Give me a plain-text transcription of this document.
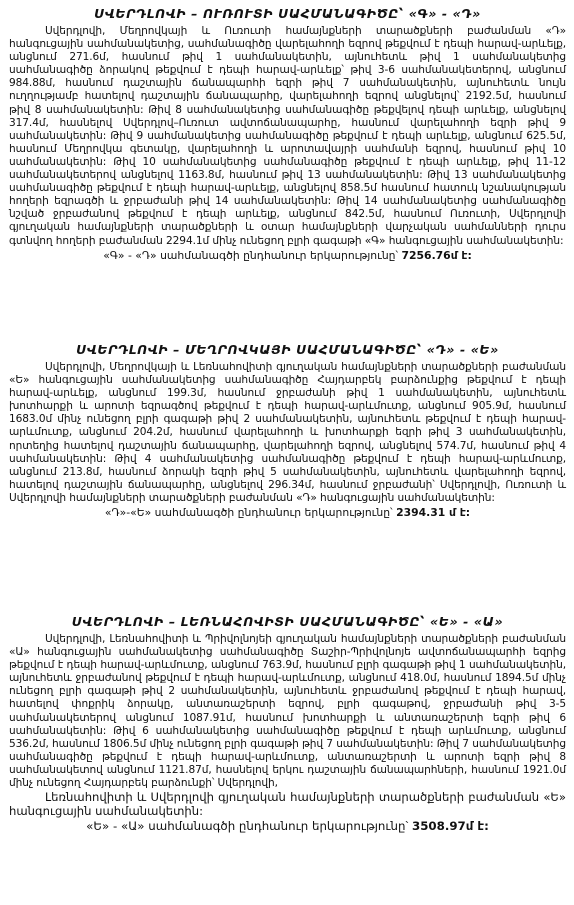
ՍՎԵՐԴԼՈՎԻ – ՈՒՌՈՒՏԻ ՍԱՀՄԱՆԱԳԻԾԸ՝ «Գ» - «Դ»

Սվերդլովի, Մեղրովկայի և Ուռուտի համայնքների տարածքների բաժանման «Դ» հանգուցային սահմանակետից, սահմանագիծը վարելահողի եզրով թեքվում է դեպի հարավ-արևելք, անցնում 271.6մ, հասնում թիվ 1 սահմանակետին, այնուհետև թիվ 1 սահմանակետից սահմանագիծը ձորակով թեքվում է դեպի հարավ-արևելք՝ թիվ 3-6 սահմանակետերով, անցնում 984.88մ, հասնում դաշտային ճանապարհի եզրի թիվ 7 սահմանակետին, այնուհետև նույն ուղղությամբ հատելով դաշտային ճանապարհը, վարելահողի եզրով անցնելով՝ 2192.5մ, հասնում թիվ 8 սահմանակետին: Թիվ 8 սահմանակետից սահմանագիծը թեքվելով դեպի արևելք, անցնելով 317.4մ, հասնելով Սվերդլով–Ուռուտ ավտոճանապարհը, հասնում վարելահողի եզրի թիվ 9 սահմանակետին: Թիվ 9 սահմանակետից սահմանագիծը թեքվում է դեպի արևելք, անցնում 625.5մ, հասնում Մեղրովկա գետակը, վարելահողի և արոտավայրի սահմանի եզրով, հասնում թիվ 10 սահմանակետին: Թիվ 10 սահմանակետից սահմանագիծը թեքվում է դեպի արևելք, թիվ 11-12 սահմանակետերով անցնելով 1163.8մ, հասնում թիվ 13 սահմանակետին: Թիվ 13 սահմանակետից սահմանագիծը թեքվում է դեպի հարավ-արևելք, անցնելով 858.5մ հասնում հատուկ նշանակության հողերի եզրագծի և ջրբաժանի թիվ 14 սահմանակետին: Թիվ 14 սահմանակետից սահմանագիծը նշված ջրբաժանով թեքվում է դեպի արևելք, անցնում 842.5մ, հասնում Ուռուտի, Սվերդլովի գյուղական համայնքների տարածքների և օտար համայնքների վարչական սահմանների դուրս գտնվող հողերի բաժանման 2294.1մ մինչ ունեցող բլրի գագաթի «Գ» հանգուցային սահմանակետին:

«Գ» - «Դ» սահմանագծի ընդհանուր երկարությունը՝ 7256.76մ է:

ՍՎԵՐԴԼՈՎԻ – ՄԵՂՐՈՎԿԱՅԻ ՍԱՀՄԱՆԱԳԻԾԸ՝ «Դ» - «Ե»

Սվերդլովի, Մեղրովկայի և Լեռնահովիտի գյուղական համայնքների տարածքների բաժանման «Ե» հանգուցային սահմանակետից սահմանագիծը Հայդարբեկ բարձունքից թեքվում է դեպի հարավ-արևելք, անցնում 199.3մ, հասնում ջրբաժանի թիվ 1 սահմանակետին, այնուհետև խոտհարքի և արոտի եզրագծով թեքվում է դեպի հարավ-արևմուտք, անցնում 905.9մ, հասնում 1683.0մ մինչ ունեցող բլրի գագաթի թիվ 2 սահմանակետին, այնուհետև թեքվում է դեպի հարավ-արևմուտք, անցնում 204.2մ, հասնում վարելահողի և խոտհարքի եզրի թիվ 3 սահմանակետին, որտեղից հատելով դաշտային ճանապարհը, վարելահողի եզրով, անցնելով 574.7մ, հասնում թիվ 4 սահմանակետին: Թիվ 4 սահմանակետից սահմանագիծը թեքվում է դեպի հարավ-արևմուտք, անցնում 213.8մ, հասնում ձորակի եզրի թիվ 5 սահմանակետին, այնուհետև վարելահողի եզրով, հատելով դաշտային ճանապարհը, անցնելով 296.34մ, հասնում ջրբաժանի՝ Սվերդլովի, Ուռուտի և Սվերդլովի համայնքների տարածքների բաժանման «Դ» հանգուցային սահմանակետին:

«Դ»-«Ե» սահմանագծի ընդհանուր երկարությունը՝ 2394.31 մ է:

ՍՎԵՐԴԼՈՎԻ – ԼԵՌՆԱՀՈՎԻՏԻ ՍԱՀՄԱՆԱԳԻԾԸ՝ «Ե» - «Ա»

Սվերդլովի, Լեռնահովիտի և Պրիվոլնոյեի գյուղական համայնքների տարածքների բաժանման «Ա» հանգուցային սահմանակետից սահմանագիծը Տաշիր-Պրիվոլնոյե ավտոճանապարհի եզրից թեքվում է դեպի հարավ-արևմուտք, անցնում 763.9մ, հասնում բլրի գագաթի թիվ 1 սահմանակետին, այնուհետև ջրբաժանով թեքվում է դեպի հարավ-արևմուտք, անցնում 418.0մ, հասնում 1894.5մ մինչ ունեցող բլրի գագաթի թիվ 2 սահմանակետին, այնուհետև ջրբաժանով թեքվում է դեպի հարավ, հատելով փոքրիկ ձորակը, անտառաշերտի եզրով, բլրի գագաթով, ջրբաժանի թիվ 3-5 սահմանակետերով անցնում 1087.91մ, հասնում խոտհարքի և անտառաշերտի եզրի թիվ 6 սահմանակետին: Թիվ 6 սահմանակետից սահմանագիծը թեքվում է դեպի արևմուտք, անցնում 536.2մ, հասնում 1806.5մ մինչ ունեցող բլրի գագաթի թիվ 7 սահմանակետին: Թիվ 7 սահմանակետից սահմանագիծը թեքվում է դեպի հարավ-արևմուտք, անտառաշերտի և արոտի եզրի թիվ 8 սահմանակետով անցնում 1121.87մ, հասնելով երկու դաշտային ճանապարհների, հասնում 1921.0մ մինչ ունեցող Հայդարբեկ բարձունքի՝ Սվերդլովի,

Լեռնահովիտի և Սվերդլովի գյուղական համայնքների տարածքների բաժանման «Ե» հանգուցային սահմանակետին:

«Ե» - «Ա» սահմանագծի ընդհանուր երկարությունը՝ 3508.97մ է:
